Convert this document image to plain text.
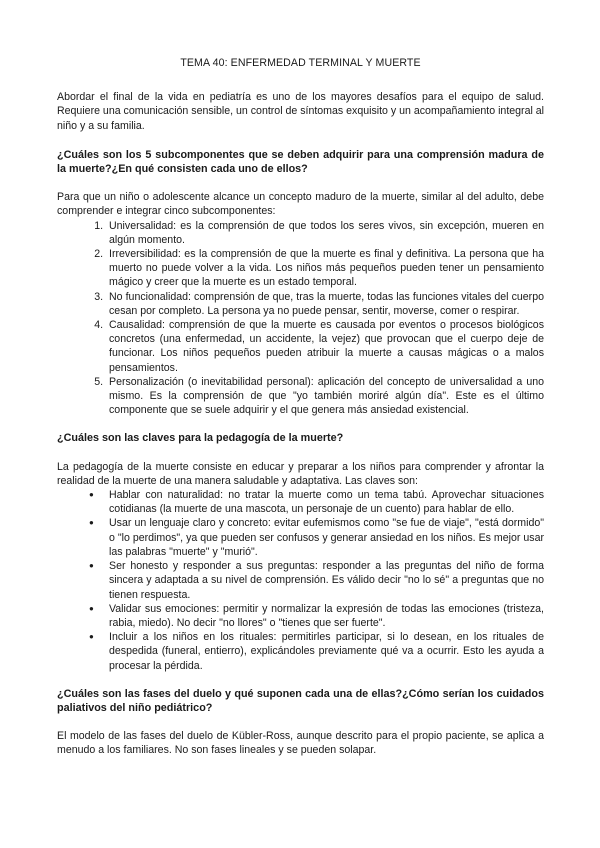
TEMA 40: ENFERMEDAD TERMINAL Y MUERTE

Abordar el final de la vida en pediatría es uno de los mayores desafíos para el equipo de salud. Requiere una comunicación sensible, un control de síntomas exquisito y un acompañamiento integral al niño y a su familia.

¿Cuáles son los 5 subcomponentes que se deben adquirir para una comprensión madura de la muerte?¿En qué consisten cada uno de ellos?

Para que un niño o adolescente alcance un concepto maduro de la muerte, similar al del adulto, debe comprender e integrar cinco subcomponentes:

1. Universalidad: es la comprensión de que todos los seres vivos, sin excepción, mueren en algún momento.
2. Irreversibilidad: es la comprensión de que la muerte es final y definitiva. La persona que ha muerto no puede volver a la vida. Los niños más pequeños pueden tener un pensamiento mágico y creer que la muerte es un estado temporal.
3. No funcionalidad: comprensión de que, tras la muerte, todas las funciones vitales del cuerpo cesan por completo. La persona ya no puede pensar, sentir, moverse, comer o respirar.
4. Causalidad: comprensión de que la muerte es causada por eventos o procesos biológicos concretos (una enfermedad, un accidente, la vejez) que provocan que el cuerpo deje de funcionar. Los niños pequeños pueden atribuir la muerte a causas mágicas o a malos pensamientos.
5. Personalización (o inevitabilidad personal): aplicación del concepto de universalidad a uno mismo. Es la comprensión de que "yo también moriré algún día". Este es el último componente que se suele adquirir y el que genera más ansiedad existencial.
¿Cuáles son las claves para la pedagogía de la muerte?

La pedagogía de la muerte consiste en educar y preparar a los niños para comprender y afrontar la realidad de la muerte de una manera saludable y adaptativa. Las claves son:

● Hablar con naturalidad: no tratar la muerte como un tema tabú. Aprovechar situaciones cotidianas (la muerte de una mascota, un personaje de un cuento) para hablar de ello.
● Usar un lenguaje claro y concreto: evitar eufemismos como "se fue de viaje", "está dormido" o "lo perdimos", ya que pueden ser confusos y generar ansiedad en los niños. Es mejor usar las palabras "muerte" y "murió".
● Ser honesto y responder a sus preguntas: responder a las preguntas del niño de forma sincera y adaptada a su nivel de comprensión. Es válido decir "no lo sé" a preguntas que no tienen respuesta.
● Validar sus emociones: permitir y normalizar la expresión de todas las emociones (tristeza, rabia, miedo). No decir "no llores" o "tienes que ser fuerte".
● Incluir a los niños en los rituales: permitirles participar, si lo desean, en los rituales de despedida (funeral, entierro), explicándoles previamente qué va a ocurrir. Esto les ayuda a procesar la pérdida.
¿Cuáles son las fases del duelo y qué suponen cada una de ellas?¿Cómo serían los cuidados paliativos del niño pediátrico?

El modelo de las fases del duelo de Kübler-Ross, aunque descrito para el propio paciente, se aplica a menudo a los familiares. No son fases lineales y se pueden solapar.
